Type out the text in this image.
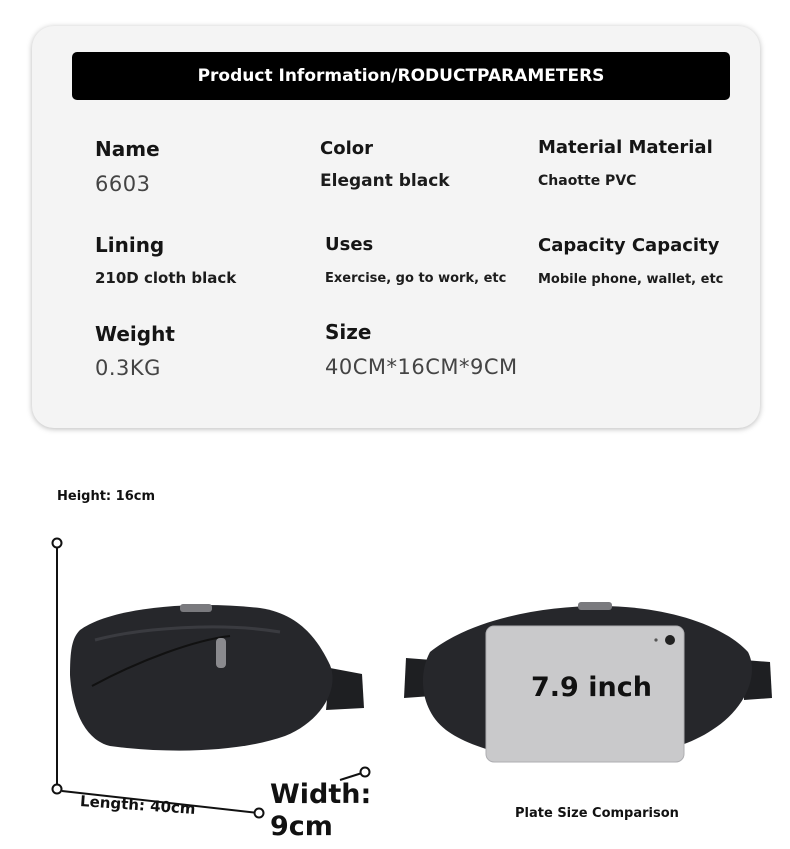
Product Information/RODUCTPARAMETERS
Name
6603
Color
Elegant black
Material Material
Chaotte PVC
Lining
210D cloth black
Uses
Exercise, go to work, etc
Capacity Capacity
Mobile phone, wallet, etc
Weight
0.3KG
Size
40CM*16CM*9CM
Height: 16cm
Length: 40cm	Width:
9cm
7.9 inch
Plate Size Comparison
